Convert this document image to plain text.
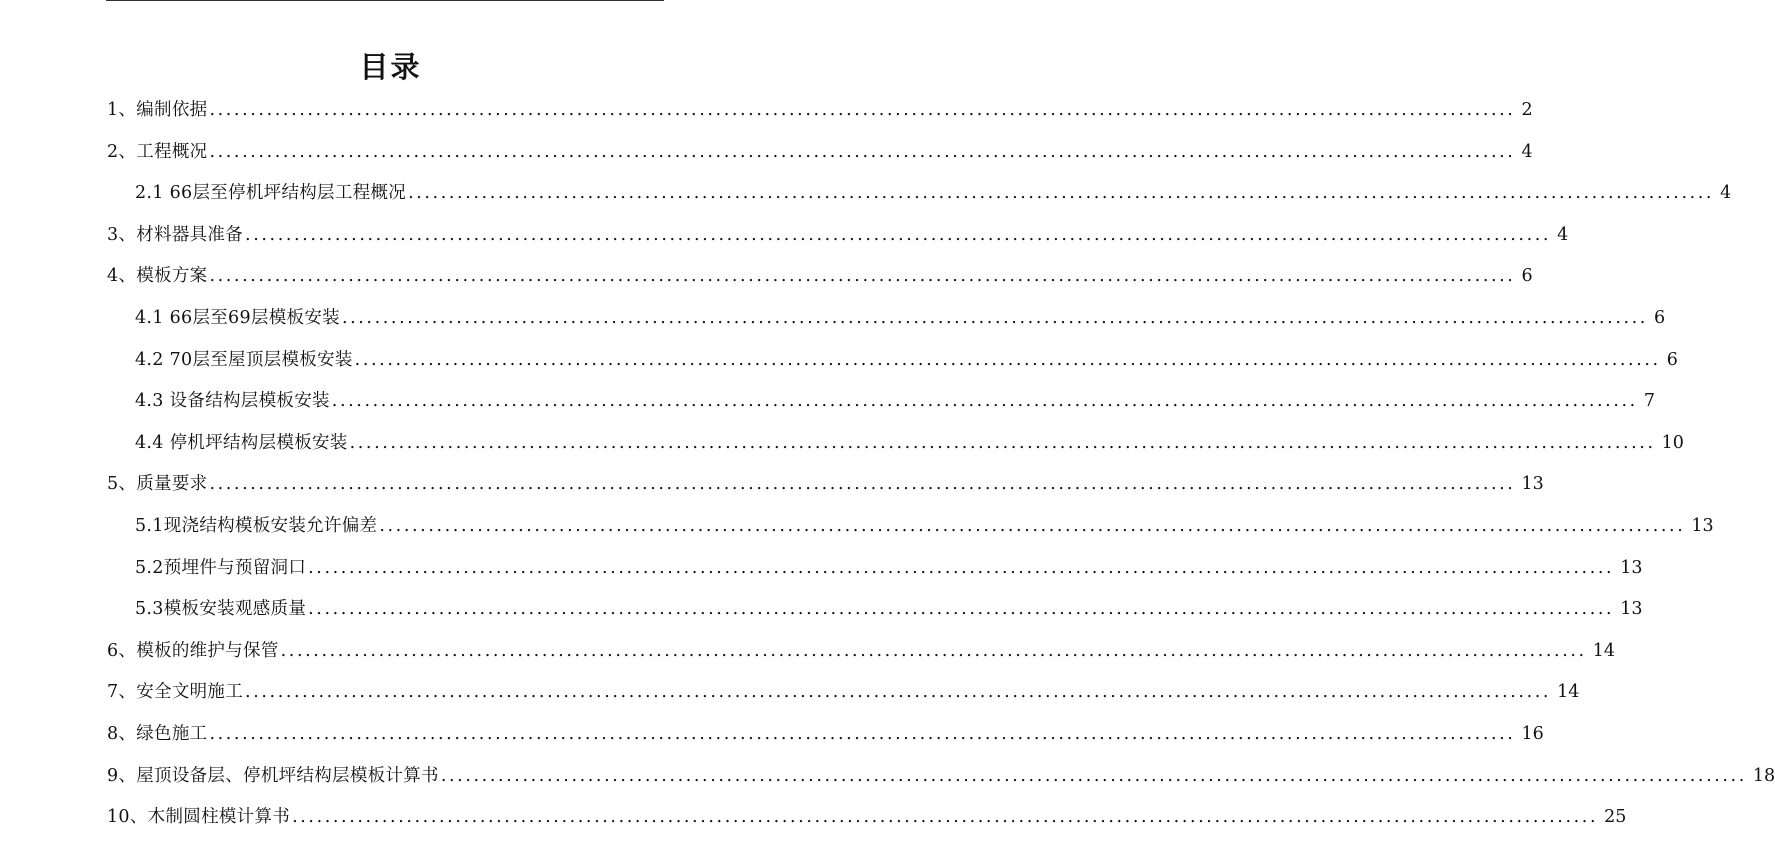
目录
1、编制依据 ................................................................................................................................................................ 2
2、工程概况 ................................................................................................................................................................ 4
2.1 66层至停机坪结构层工程概况 ................................................................................................................................................................ 4
3、材料器具准备 ................................................................................................................................................................ 4
4、模板方案 ................................................................................................................................................................ 6
4.1 66层至69层模板安装 ................................................................................................................................................................ 6
4.2 70层至屋顶层模板安装 ................................................................................................................................................................ 6
4.3 设备结构层模板安装 ................................................................................................................................................................ 7
4.4 停机坪结构层模板安装 ................................................................................................................................................................ 10
5、质量要求 ................................................................................................................................................................ 13
5.1现浇结构模板安装允许偏差 ................................................................................................................................................................ 13
5.2预埋件与预留洞口 ................................................................................................................................................................ 13
5.3模板安装观感质量 ................................................................................................................................................................ 13
6、模板的维护与保管 ................................................................................................................................................................ 14
7、安全文明施工 ................................................................................................................................................................ 14
8、绿色施工 ................................................................................................................................................................ 16
9、屋顶设备层、停机坪结构层模板计算书 ................................................................................................................................................................ 18
10、木制圆柱模计算书 ................................................................................................................................................................ 25
